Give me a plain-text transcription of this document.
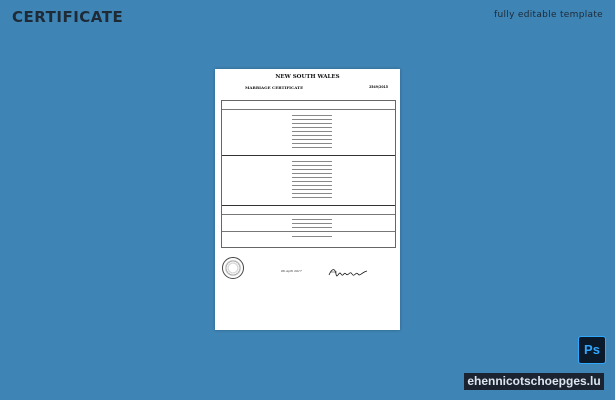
CERTIFICATE	fully editable template
NEW SOUTH WALES
MARRIAGE CERTIFICATE	2549/2015
06 April 2017
Ps
ehennicotschoepges.lu
